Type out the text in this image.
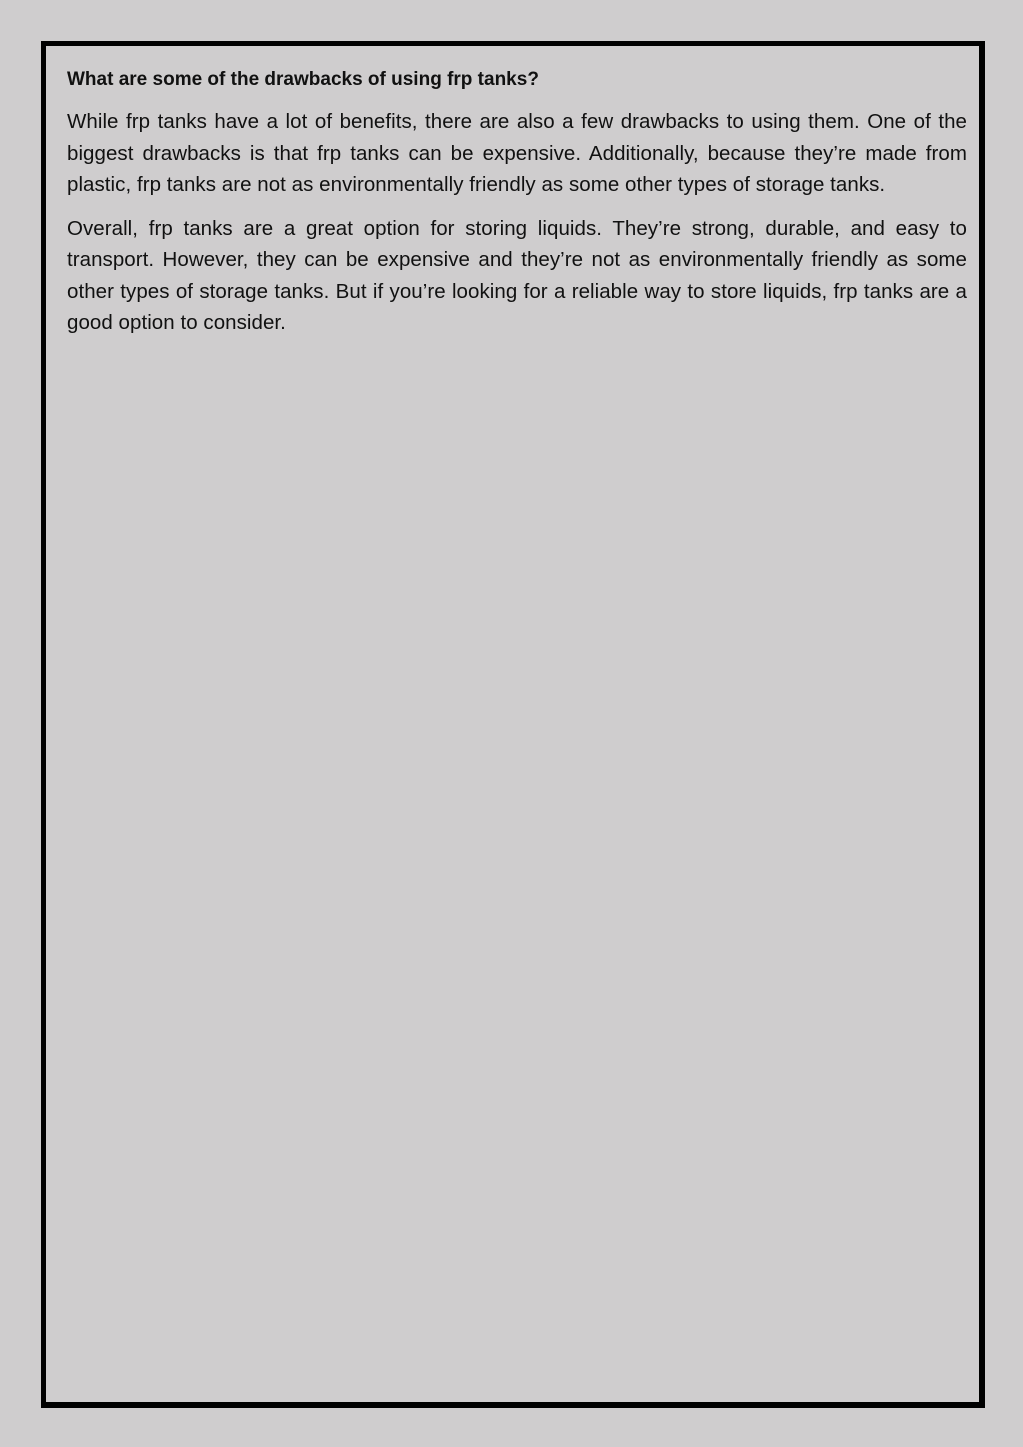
What are some of the drawbacks of using frp tanks?

While frp tanks have a lot of benefits, there are also a few drawbacks to using them. One of the biggest drawbacks is that frp tanks can be expensive. Additionally, because they’re made from plastic, frp tanks are not as environmentally friendly as some other types of storage tanks.

Overall, frp tanks are a great option for storing liquids. They’re strong, durable, and easy to transport. However, they can be expensive and they’re not as environmentally friendly as some other types of storage tanks. But if you’re looking for a reliable way to store liquids, frp tanks are a good option to consider.
